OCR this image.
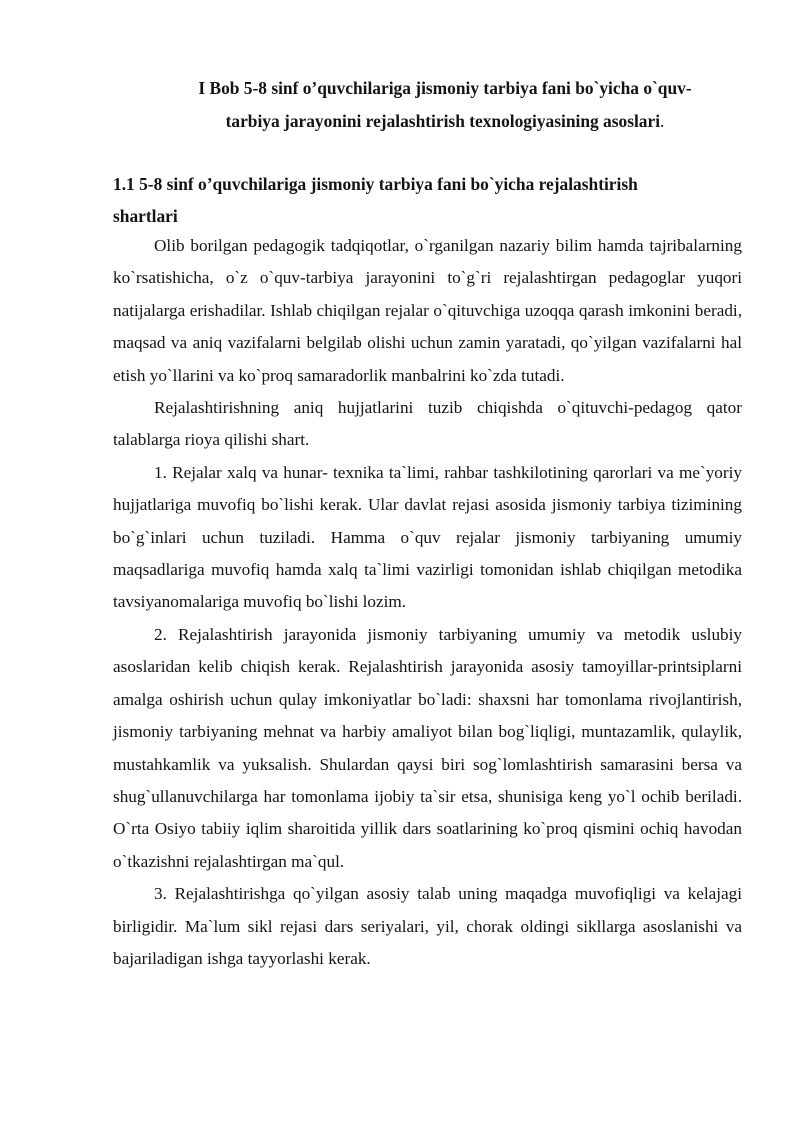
I Bob 5-8 sinf o’quvchilariga jismoniy tarbiya fani bo`yicha o`quv-
tarbiya jarayonini rejalashtirish texnologiyasining asoslari.
1.1 5-8 sinf o’quvchilariga jismoniy tarbiya fani bo`yicha rejalashtirish
shartlari

Olib borilgan pedagogik tadqiqotlar, o`rganilgan nazariy bilim hamda tajribalarning ko`rsatishicha, o`z o`quv-tarbiya jarayonini to`g`ri rejalashtirgan pedagoglar yuqori natijalarga erishadilar. Ishlab chiqilgan rejalar o`qituvchiga uzoqqa qarash imkonini beradi, maqsad va aniq vazifalarni belgilab olishi uchun zamin yaratadi, qo`yilgan vazifalarni hal etish yo`llarini va ko`proq samaradorlik manbalrini ko`zda tutadi.

Rejalashtirishning aniq hujjatlarini tuzib chiqishda o`qituvchi-pedagog qator talablarga rioya qilishi shart.

1. Rejalar xalq va hunar- texnika ta`limi, rahbar tashkilotining qarorlari va me`yoriy hujjatlariga muvofiq bo`lishi kerak. Ular davlat rejasi asosida jismoniy tarbiya tizimining bo`g`inlari uchun tuziladi. Hamma o`quv rejalar jismoniy tarbiyaning umumiy maqsadlariga muvofiq hamda xalq ta`limi vazirligi tomonidan ishlab chiqilgan metodika tavsiyanomalariga muvofiq bo`lishi lozim.

2. Rejalashtirish jarayonida jismoniy tarbiyaning umumiy va metodik uslubiy asoslaridan kelib chiqish kerak. Rejalashtirish jarayonida asosiy tamoyillar-printsiplarni amalga oshirish uchun qulay imkoniyatlar bo`ladi: shaxsni har tomonlama rivojlantirish, jismoniy tarbiyaning mehnat va harbiy amaliyot bilan bog`liqligi, muntazamlik, qulaylik, mustahkamlik va yuksalish. Shulardan qaysi biri sog`lomlashtirish samarasini bersa va shug`ullanuvchilarga har tomonlama ijobiy ta`sir etsa, shunisiga keng yo`l ochib beriladi. O`rta Osiyo tabiiy iqlim sharoitida yillik dars soatlarining ko`proq qismini ochiq havodan o`tkazishni rejalashtirgan ma`qul.

3. Rejalashtirishga qo`yilgan asosiy talab uning maqadga muvofiqligi va kelajagi birligidir. Ma`lum sikl rejasi dars seriyalari, yil, chorak oldingi sikllarga asoslanishi va bajariladigan ishga tayyorlashi kerak.
